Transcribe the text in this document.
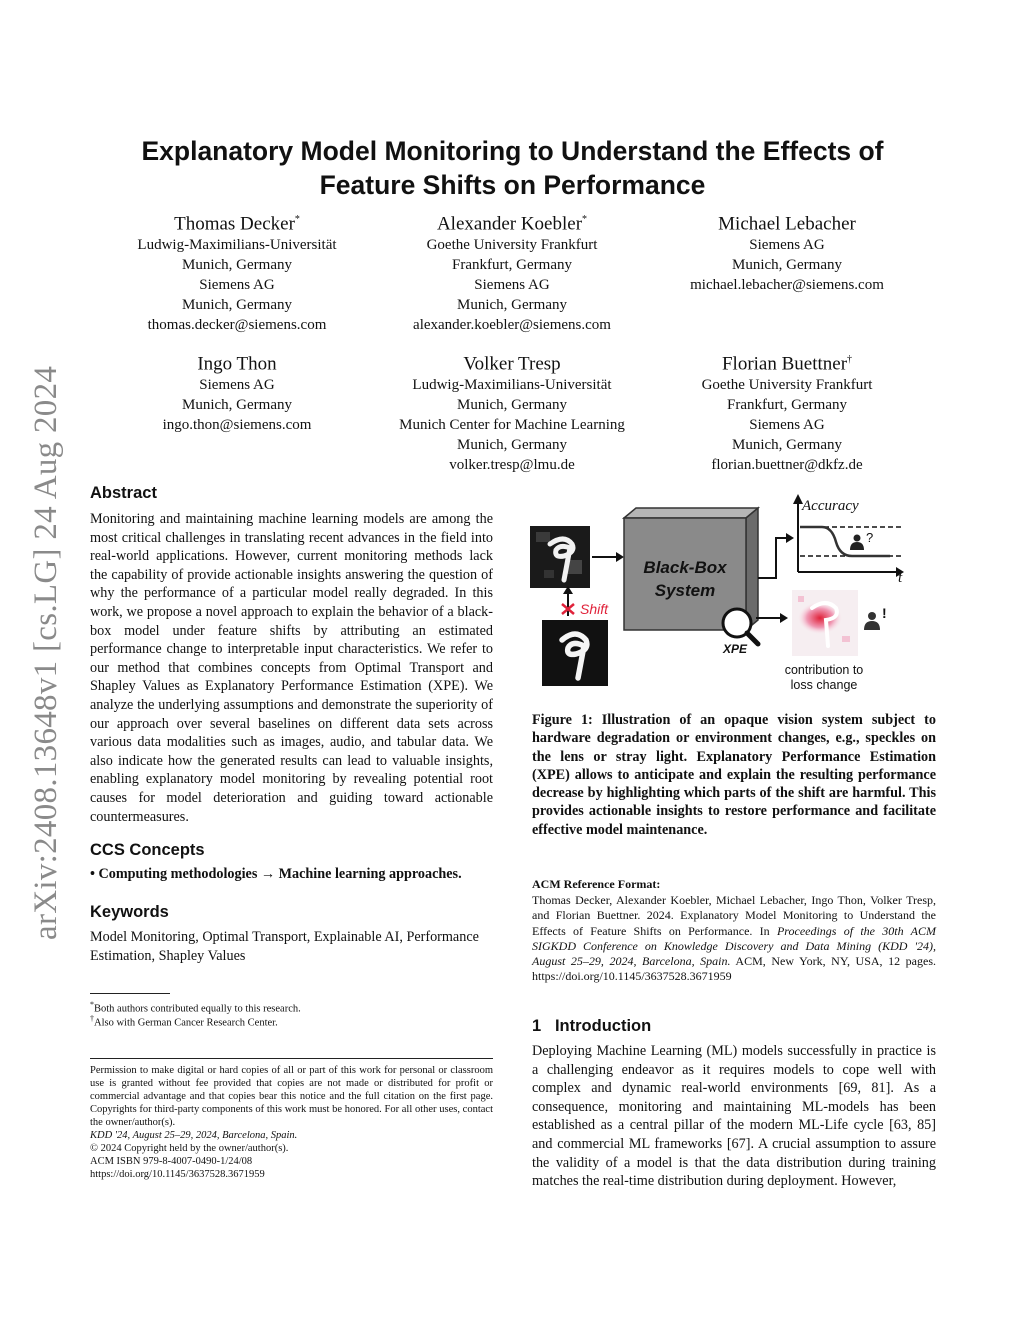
arXiv:2408.13648v1 [cs.LG] 24 Aug 2024
Explanatory Model Monitoring to Understand the Effects of Feature Shifts on Performance
Thomas Decker*
Ludwig-Maximilians-Universität
Munich, Germany
Siemens AG
Munich, Germany
thomas.decker@siemens.com
Alexander Koebler*
Goethe University Frankfurt
Frankfurt, Germany
Siemens AG
Munich, Germany
alexander.koebler@siemens.com
Michael Lebacher
Siemens AG
Munich, Germany
michael.lebacher@siemens.com
Ingo Thon
Siemens AG
Munich, Germany
ingo.thon@siemens.com
Volker Tresp
Ludwig-Maximilians-Universität
Munich, Germany
Munich Center for Machine Learning
Munich, Germany
volker.tresp@lmu.de
Florian Buettner†
Goethe University Frankfurt
Frankfurt, Germany
Siemens AG
Munich, Germany
florian.buettner@dkfz.de
Abstract
Monitoring and maintaining machine learning models are among the most critical challenges in translating recent advances in the field into real-world applications. However, current monitoring methods lack the capability of provide actionable insights answering the question of why the performance of a particular model really degraded. In this work, we propose a novel approach to explain the behavior of a black-box model under feature shifts by attributing an estimated performance change to interpretable input characteristics. We refer to our method that combines concepts from Optimal Transport and Shapley Values as Explanatory Performance Estimation (XPE). We analyze the underlying assumptions and demonstrate the superiority of our approach over several baselines on different data sets across various data modalities such as images, audio, and tabular data. We also indicate how the generated results can lead to valuable insights, enabling explanatory model monitoring by revealing potential root causes for model deterioration and guiding toward actionable countermeasures.
CCS Concepts
• Computing methodologies → Machine learning approaches.
Keywords
Model Monitoring, Optimal Transport, Explainable AI, Performance Estimation, Shapley Values
*Both authors contributed equally to this research.
†Also with German Cancer Research Center.

Permission to make digital or hard copies of all or part of this work for personal or classroom use is granted without fee provided that copies are not made or distributed for profit or commercial advantage and that copies bear this notice and the full citation on the first page. Copyrights for third-party components of this work must be honored. For all other uses, contact the owner/author(s).

KDD '24, August 25–29, 2024, Barcelona, Spain.

© 2024 Copyright held by the owner/author(s).

ACM ISBN 979-8-4007-0490-1/24/08

https://doi.org/10.1145/3637528.3671959

Shift
Black-Box
System
Accuracy
t
?
XPE
!
contribution to
loss change
Figure 1: Illustration of an opaque vision system subject to hardware degradation or environment changes, e.g., speckles on the lens or stray light. Explanatory Performance Estimation (XPE) allows to anticipate and explain the resulting performance decrease by highlighting which parts of the shift are harmful. This provides actionable insights to restore performance and facilitate effective model maintenance.
ACM Reference Format:
Thomas Decker, Alexander Koebler, Michael Lebacher, Ingo Thon, Volker Tresp, and Florian Buettner. 2024. Explanatory Model Monitoring to Understand the Effects of Feature Shifts on Performance. In Proceedings of the 30th ACM SIGKDD Conference on Knowledge Discovery and Data Mining (KDD '24), August 25–29, 2024, Barcelona, Spain. ACM, New York, NY, USA, 12 pages. https://doi.org/10.1145/3637528.3671959
1 Introduction
Deploying Machine Learning (ML) models successfully in practice is a challenging endeavor as it requires models to cope well with complex and dynamic real-world environments [69, 81]. As a consequence, monitoring and maintaining ML-models has been established as a central pillar of the modern ML-Life cycle [63, 85] and commercial ML frameworks [67]. A crucial assumption to assure the validity of a model is that the data distribution during training matches the real-time distribution during deployment. However,
